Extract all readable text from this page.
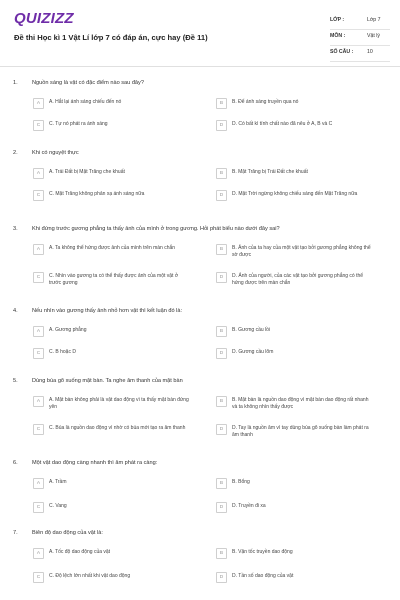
QUIZIZZ
Đề thi Học kì 1 Vật Lí lớp 7 có đáp án, cực hay (Đề 11)
LỚP :	Lớp 7
MÔN :	Vật lý
SỐ CÂU :	10
1.	Nguồn sáng là vật có đặc điểm nào sau đây?
A	A. Hắt lại ánh sáng chiếu đến nó	B	B. Để ánh sáng truyền qua nó
C	C. Tự nó phát ra ánh sáng	D	D. Có bất kì tính chất nào đã nêu ở A, B và C
2.	Khi có nguyệt thực
A	A. Trái Đất bị Mặt Trăng che khuất	B	B. Mặt Trăng bị Trái Đất che khuất
C	C. Mặt Trăng không phản xạ ánh sáng nữa	D	D. Mặt Trời ngừng không chiếu sáng đến Mặt Trăng nữa
3.	Khi đứng trước gương phẳng ta thấy ảnh của mình ở trong gương. Hỏi phát biểu nào dưới đây sai?
A	A. Ta không thể hứng được ảnh của mình trên màn chắn	B	B. Ảnh của ta hay của một vật tạo bởi gương phẳng không thể sờ được
C	C. Nhìn vào gương ta có thể thấy được ảnh của một vật ở trước gương
D	D. Ảnh của người, của các vật tạo bởi gương phẳng có thể hứng được trên màn chắn
4.	Nếu nhìn vào gương thấy ảnh nhỏ hơn vật thì kết luận đó là:
A	A. Gương phẳng	B	B. Gương cầu lồi
C	C. B hoặc D	D	D. Gương cầu lõm
5.	Dùng búa gõ xuống mặt bàn. Ta nghe âm thanh của mặt bàn
A	A. Mặt bàn không phải là vật dao động vì ta thấy mặt bàn đứng yên
B	B. Mặt bàn là nguồn dao động vì mặt bàn dao động rất nhanh và ta không nhìn thấy được
C	C. Búa là nguồn dao động vì nhờ có búa mới tạo ra âm thanh	D	D. Tay là nguồn âm vì tay dùng búa gõ xuống bàn làm phát ra âm thanh
6.	Một vật dao động càng nhanh thì âm phát ra càng:
A	A. Trầm	B	B. Bổng
C	C. Vang	D	D. Truyền đi xa
7.	Biên độ dao động của vật là:
A	A. Tốc độ dao động của vật	B	B. Vận tốc truyền dao động
C	C. Độ lệch lớn nhất khi vật dao động	D	D. Tần số dao động của vật
